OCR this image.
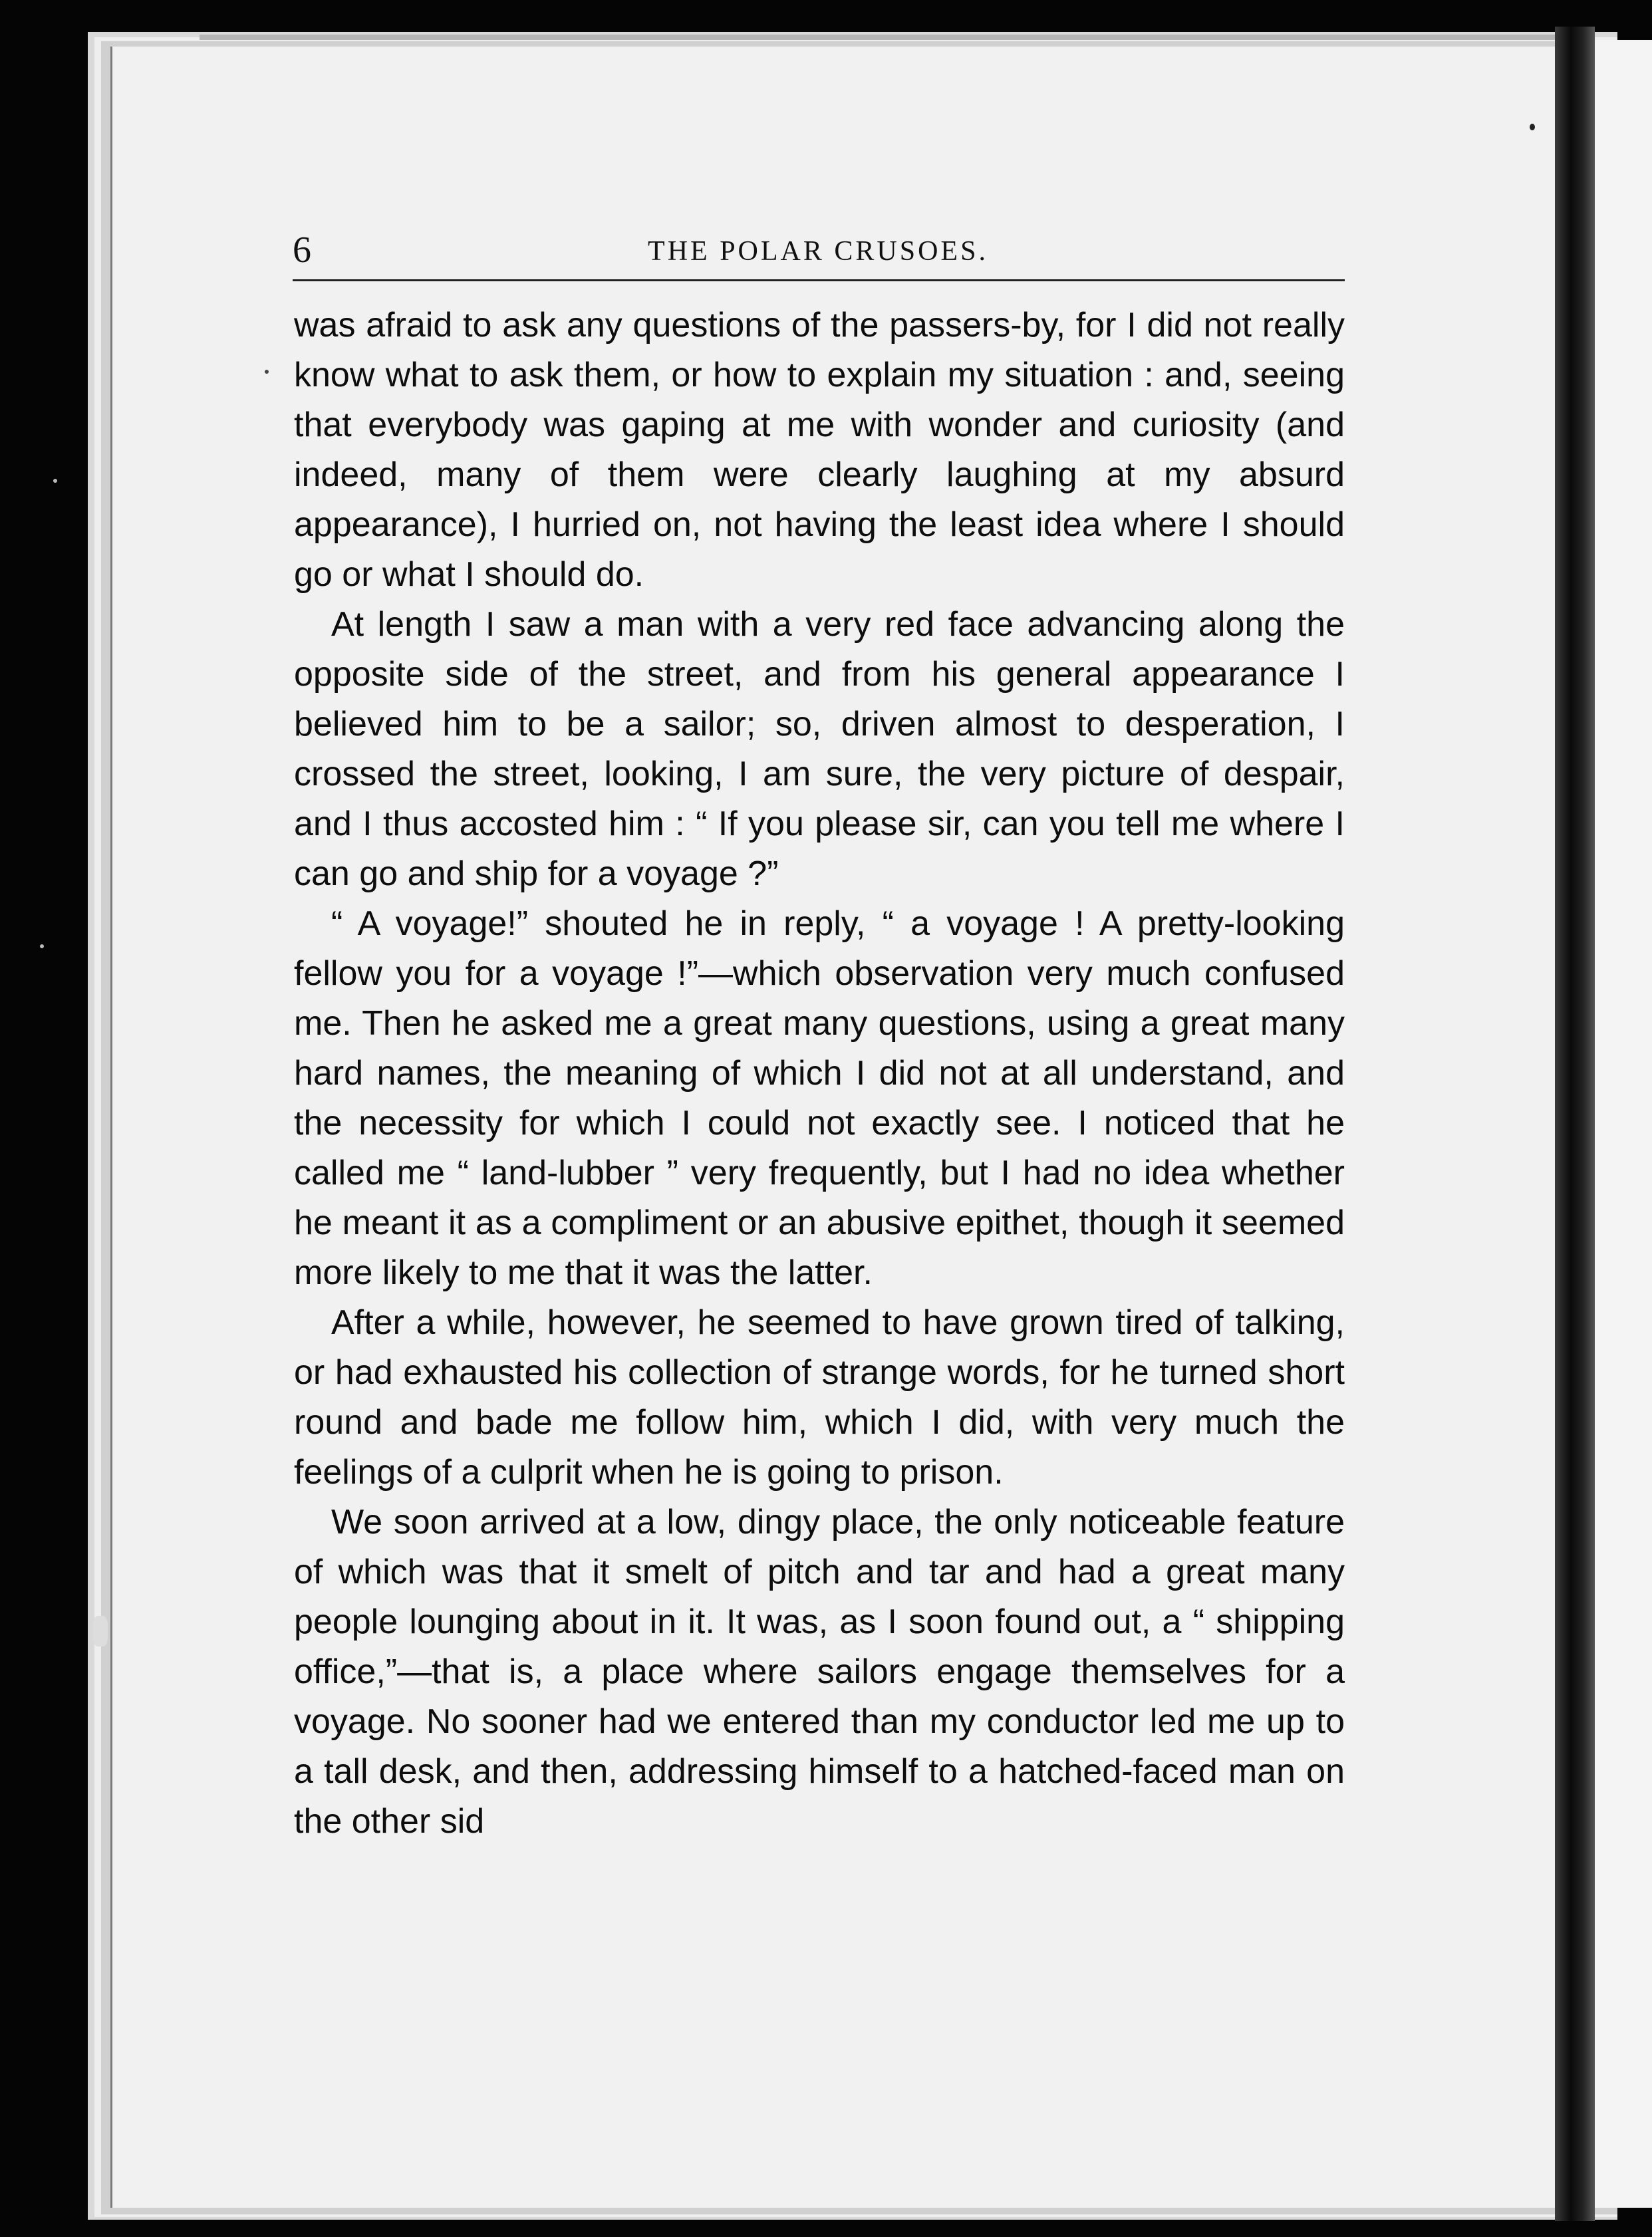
6	THE POLAR CRUSOES.

was afraid to ask any questions of the passers-by, for I did not really know what to ask them, or how to explain my situation : and, seeing that everybody was gaping at me with wonder and curiosity (and indeed, many of them were clearly laughing at my absurd appearance), I hurried on, not having the least idea where I should go or what I should do.

At length I saw a man with a very red face advancing along the opposite side of the street, and from his general appearance I believed him to be a sailor; so, driven almost to desperation, I crossed the street, looking, I am sure, the very picture of despair, and I thus accosted him : “ If you please sir, can you tell me where I can go and ship for a voyage ?”

“ A voyage!” shouted he in reply, “ a voyage ! A pretty-looking fellow you for a voyage !”—which observation very much confused me. Then he asked me a great many questions, using a great many hard names, the meaning of which I did not at all understand, and the necessity for which I could not exactly see. I noticed that he called me “ land-lubber ” very frequently, but I had no idea whether he meant it as a compliment or an abusive epithet, though it seemed more likely to me that it was the latter.

After a while, however, he seemed to have grown tired of talking, or had exhausted his collection of strange words, for he turned short round and bade me follow him, which I did, with very much the feelings of a culprit when he is going to prison.

We soon arrived at a low, dingy place, the only noticeable feature of which was that it smelt of pitch and tar and had a great many people lounging about in it. It was, as I soon found out, a “ shipping office,”—that is, a place where sailors engage themselves for a voyage. No sooner had we entered than my conductor led me up to a tall desk, and then, addressing himself to a hatched-faced man on the other sid
